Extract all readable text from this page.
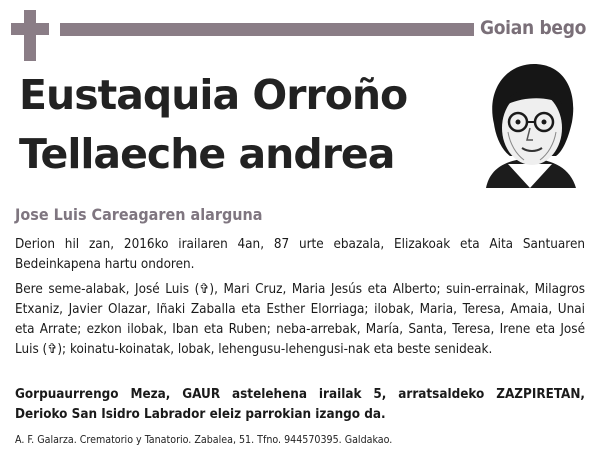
Goian bego
Eustaquia Orroño
Tellaeche andrea
Jose Luis Careagaren alarguna

Derion hil zan, 2016ko irailaren 4an, 87 urte ebazala, Elizakoak eta Aita Santuaren Bedeinkapena hartu ondoren.

Bere seme-alabak, José Luis (✞), Mari Cruz, Maria Jesús eta Alberto; suin-errainak, Milagros Etxaniz, Javier Olazar, Iñaki Zaballa eta Esther Elorriaga; ilobak, Maria, Teresa, Amaia, Unai eta Arrate; ezkon ilobak, Iban eta Ruben; neba-arrebak, María, Santa, Teresa, Irene eta José Luis (✞); koinatu-koinatak, lobak, lehengusu-lehengusi-nak eta beste senideak.

Gorpuaurrengo Meza, GAUR astelehena irailak 5, arratsaldeko ZAZPIRETAN, Derioko San Isidro Labrador eleiz parrokian izango da.

A. F. Galarza. Crematorio y Tanatorio. Zabalea, 51. Tfno. 944570395. Galdakao.
